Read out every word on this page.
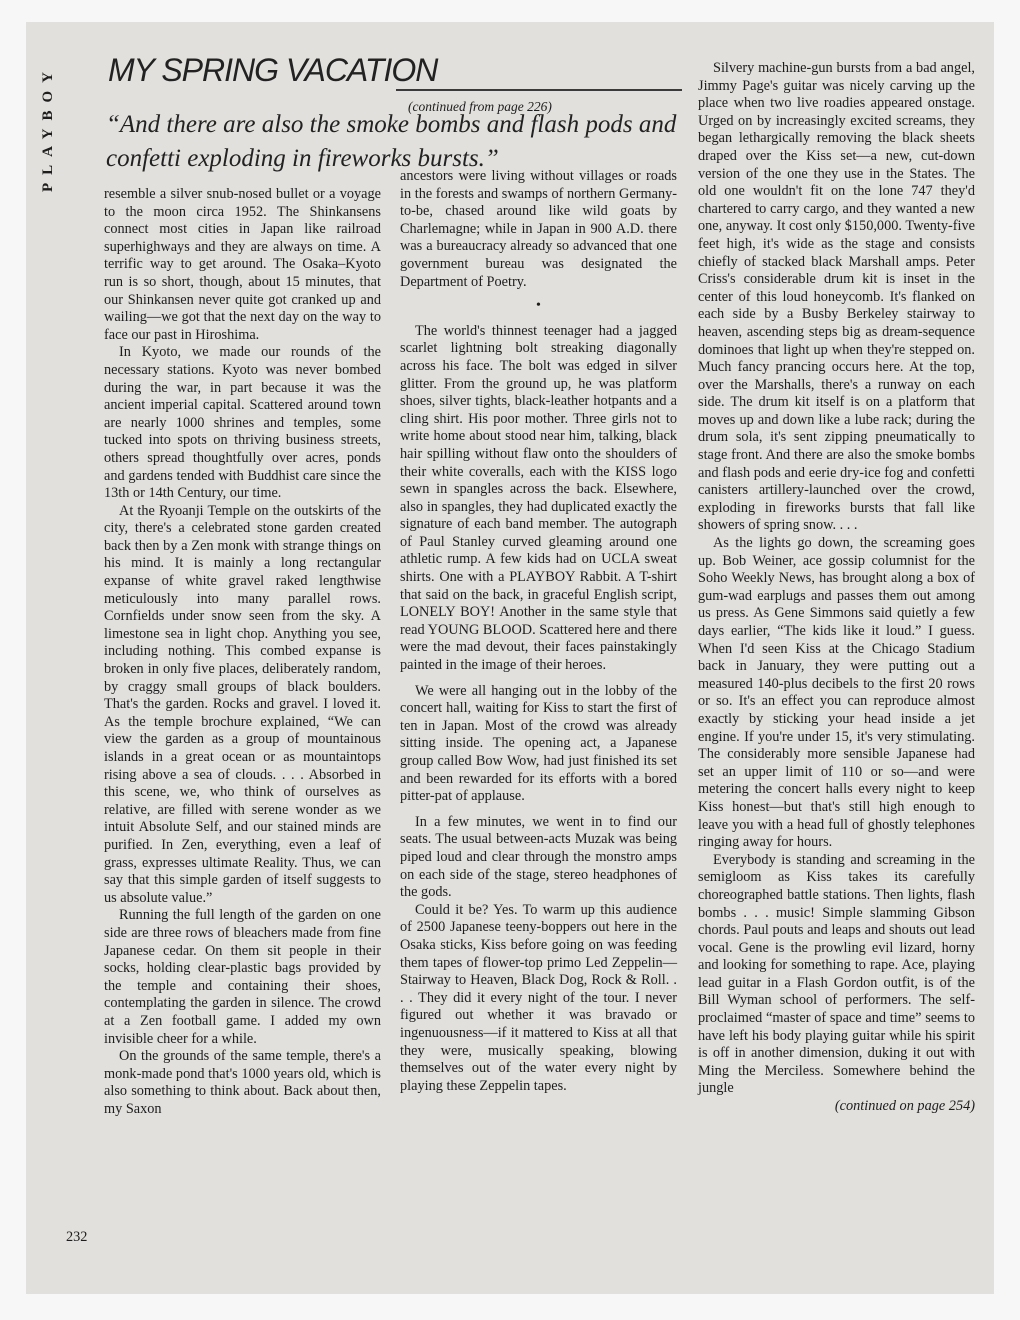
PLAYBOY MY SPRING VACATION
(continued from page 226)
“And there are also the smoke bombs and flash pods and confetti exploding in fireworks bursts.”

resemble a silver snub-nosed bullet or a voyage to the moon circa 1952. The Shinkansens connect most cities in Japan like railroad superhighways and they are always on time. A terrific way to get around. The Osaka–Kyoto run is so short, though, about 15 minutes, that our Shinkansen never quite got cranked up and wailing—we got that the next day on the way to face our past in Hiroshima.

In Kyoto, we made our rounds of the necessary stations. Kyoto was never bombed during the war, in part because it was the ancient imperial capital. Scattered around town are nearly 1000 shrines and temples, some tucked into spots on thriving business streets, others spread thoughtfully over acres, ponds and gardens tended with Buddhist care since the 13th or 14th Century, our time.

At the Ryoanji Temple on the outskirts of the city, there's a celebrated stone garden created back then by a Zen monk with strange things on his mind. It is mainly a long rectangular expanse of white gravel raked lengthwise meticulously into many parallel rows. Cornfields under snow seen from the sky. A limestone sea in light chop. Anything you see, including nothing. This combed expanse is broken in only five places, deliberately random, by craggy small groups of black boulders. That's the garden. Rocks and gravel. I loved it. As the temple brochure explained, “We can view the garden as a group of mountainous islands in a great ocean or as mountaintops rising above a sea of clouds. . . . Absorbed in this scene, we, who think of ourselves as relative, are filled with serene wonder as we intuit Absolute Self, and our stained minds are purified. In Zen, everything, even a leaf of grass, expresses ultimate Reality. Thus, we can say that this simple garden of itself suggests to us absolute value.”

Running the full length of the garden on one side are three rows of bleachers made from fine Japanese cedar. On them sit people in their socks, holding clear-plastic bags provided by the temple and containing their shoes, contemplating the garden in silence. The crowd at a Zen football game. I added my own invisible cheer for a while.

On the grounds of the same temple, there's a monk-made pond that's 1000 years old, which is also something to think about. Back about then, my Saxon

ancestors were living without villages or roads in the forests and swamps of northern Germany-to-be, chased around like wild goats by Charlemagne; while in Japan in 900 A.D. there was a bureaucracy already so advanced that one government bureau was designated the Department of Poetry.

•

The world's thinnest teenager had a jagged scarlet lightning bolt streaking diagonally across his face. The bolt was edged in silver glitter. From the ground up, he was platform shoes, silver tights, black-leather hotpants and a cling shirt. His poor mother. Three girls not to write home about stood near him, talking, black hair spilling without flaw onto the shoulders of their white coveralls, each with the KISS logo sewn in spangles across the back. Elsewhere, also in spangles, they had duplicated exactly the signature of each band member. The autograph of Paul Stanley curved gleaming around one athletic rump. A few kids had on UCLA sweat shirts. One with a PLAYBOY Rabbit. A T-shirt that said on the back, in graceful English script, LONELY BOY! Another in the same style that read YOUNG BLOOD. Scattered here and there were the mad devout, their faces painstakingly painted in the image of their heroes.

We were all hanging out in the lobby of the concert hall, waiting for Kiss to start the first of ten in Japan. Most of the crowd was already sitting inside. The opening act, a Japanese group called Bow Wow, had just finished its set and been rewarded for its efforts with a bored pitter-pat of applause.

In a few minutes, we went in to find our seats. The usual between-acts Muzak was being piped loud and clear through the monstro amps on each side of the stage, stereo headphones of the gods.

Could it be? Yes. To warm up this audience of 2500 Japanese teeny-boppers out here in the Osaka sticks, Kiss before going on was feeding them tapes of flower-top primo Led Zeppelin—Stairway to Heaven, Black Dog, Rock & Roll. . . . They did it every night of the tour. I never figured out whether it was bravado or ingenuousness—if it mattered to Kiss at all that they were, musically speaking, blowing themselves out of the water every night by playing these Zeppelin tapes.

Silvery machine-gun bursts from a bad angel, Jimmy Page's guitar was nicely carving up the place when two live roadies appeared onstage. Urged on by increasingly excited screams, they began lethargically removing the black sheets draped over the Kiss set—a new, cut-down version of the one they use in the States. The old one wouldn't fit on the lone 747 they'd chartered to carry cargo, and they wanted a new one, anyway. It cost only $150,000. Twenty-five feet high, it's wide as the stage and consists chiefly of stacked black Marshall amps. Peter Criss's considerable drum kit is inset in the center of this loud honeycomb. It's flanked on each side by a Busby Berkeley stairway to heaven, ascending steps big as dream-sequence dominoes that light up when they're stepped on. Much fancy prancing occurs here. At the top, over the Marshalls, there's a runway on each side. The drum kit itself is on a platform that moves up and down like a lube rack; during the drum sola, it's sent zipping pneumatically to stage front. And there are also the smoke bombs and flash pods and eerie dry-ice fog and confetti canisters artillery-launched over the crowd, exploding in fireworks bursts that fall like showers of spring snow. . . .

As the lights go down, the screaming goes up. Bob Weiner, ace gossip columnist for the Soho Weekly News, has brought along a box of gum-wad earplugs and passes them out among us press. As Gene Simmons said quietly a few days earlier, “The kids like it loud.” I guess. When I'd seen Kiss at the Chicago Stadium back in January, they were putting out a measured 140-plus decibels to the first 20 rows or so. It's an effect you can reproduce almost exactly by sticking your head inside a jet engine. If you're under 15, it's very stimulating. The considerably more sensible Japanese had set an upper limit of 110 or so—and were metering the concert halls every night to keep Kiss honest—but that's still high enough to leave you with a head full of ghostly telephones ringing away for hours.

Everybody is standing and screaming in the semigloom as Kiss takes its carefully choreographed battle stations. Then lights, flash bombs . . . music! Simple slamming Gibson chords. Paul pouts and leaps and shouts out lead vocal. Gene is the prowling evil lizard, horny and looking for something to rape. Ace, playing lead guitar in a Flash Gordon outfit, is of the Bill Wyman school of performers. The self-proclaimed “master of space and time” seems to have left his body playing guitar while his spirit is off in another dimension, duking it out with Ming the Merciless. Somewhere behind the jungle

(continued on page 254)

232
